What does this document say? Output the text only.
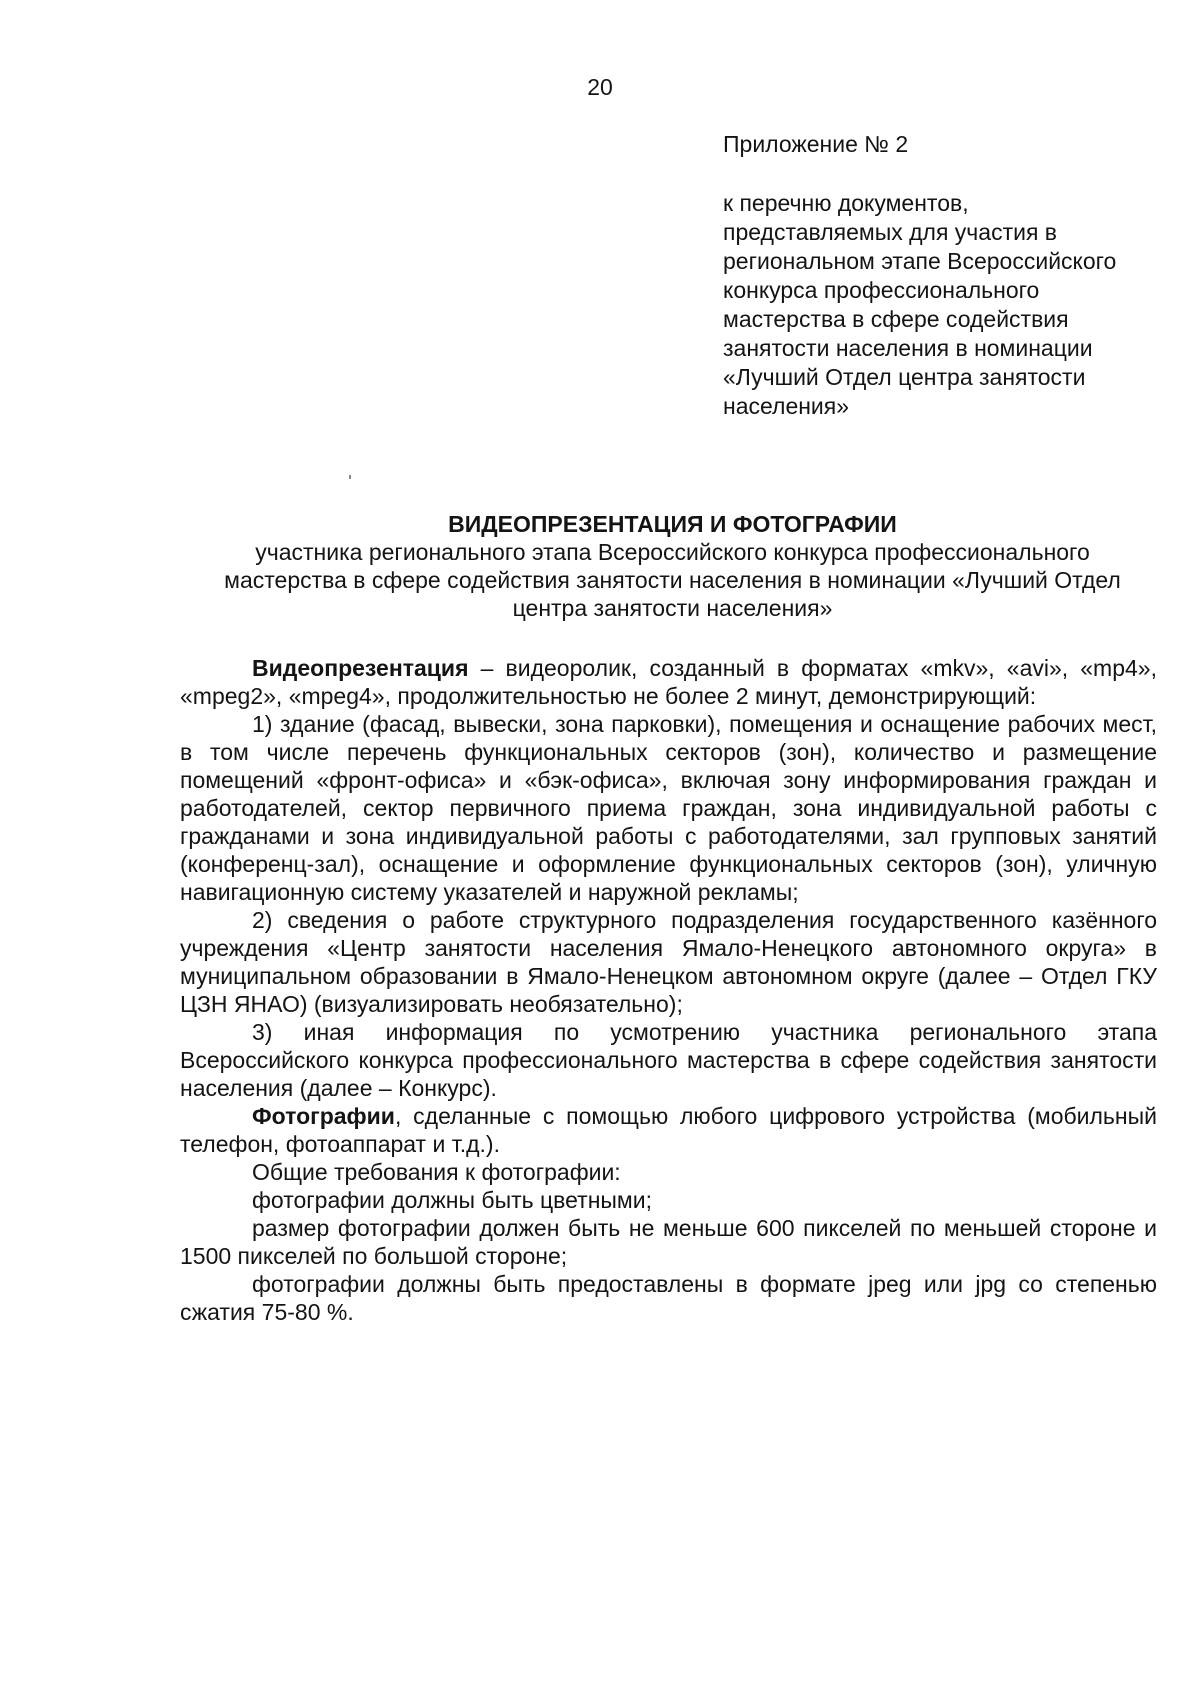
20

Приложение № 2

к перечню документов, представляемых для участия в региональном этапе Всероссийского конкурса профессионального мастерства в сфере содействия занятости населения в номинации «Лучший Отдел центра занятости населения»

ВИДЕОПРЕЗЕНТАЦИЯ И ФОТОГРАФИИ
участника регионального этапа Всероссийского конкурса профессионального мастерства в сфере содействия занятости населения в номинации «Лучший Отдел центра занятости населения»

Видеопрезентация – видеоролик, созданный в форматах «mkv», «avi», «mp4», «mpeg2», «mpeg4», продолжительностью не более 2 минут, демонстрирующий:

1) здание (фасад, вывески, зона парковки), помещения и оснащение рабочих мест, в том числе перечень функциональных секторов (зон), количество и размещение помещений «фронт-офиса» и «бэк-офиса», включая зону информирования граждан и работодателей, сектор первичного приема граждан, зона индивидуальной работы с гражданами и зона индивидуальной работы с работодателями, зал групповых занятий (конференц-зал), оснащение и оформление функциональных секторов (зон), уличную навигационную систему указателей и наружной рекламы;

2) сведения о работе структурного подразделения государственного казённого учреждения «Центр занятости населения Ямало-Ненецкого автономного округа» в муниципальном образовании в Ямало-Ненецком автономном округе (далее – Отдел ГКУ ЦЗН ЯНАО) (визуализировать необязательно);

3) иная информация по усмотрению участника регионального этапа Всероссийского конкурса профессионального мастерства в сфере содействия занятости населения (далее – Конкурс).

Фотографии, сделанные с помощью любого цифрового устройства (мобильный телефон, фотоаппарат и т.д.).

Общие требования к фотографии:

фотографии должны быть цветными;

размер фотографии должен быть не меньше 600 пикселей по меньшей стороне и 1500 пикселей по большой стороне;

фотографии должны быть предоставлены в формате jpeg или jpg со степенью сжатия 75-80 %.
